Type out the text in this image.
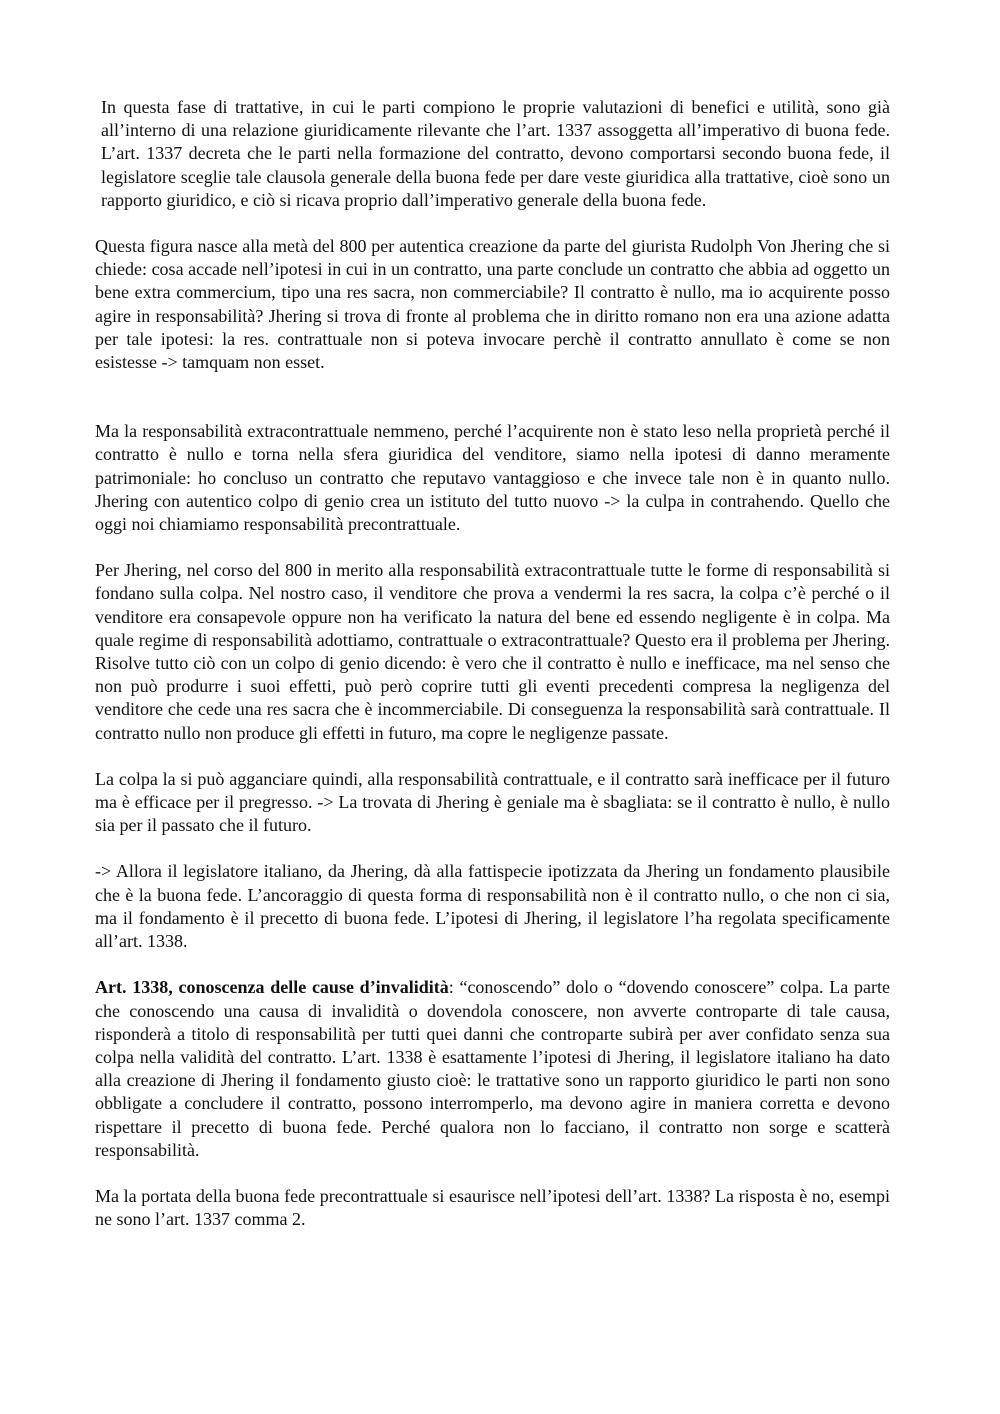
In questa fase di trattative, in cui le parti compiono le proprie valutazioni di benefici e utilità, sono già all’interno di una relazione giuridicamente rilevante che l’art. 1337 assoggetta all’imperativo di buona fede. L’art. 1337 decreta che le parti nella formazione del contratto, devono comportarsi secondo buona fede, il legislatore sceglie tale clausola generale della buona fede per dare veste giuridica alla trattative, cioè sono un rapporto giuridico, e ciò si ricava proprio dall’imperativo generale della buona fede.

Questa figura nasce alla metà del 800 per autentica creazione da parte del giurista Rudolph Von Jhering che si chiede: cosa accade nell’ipotesi in cui in un contratto, una parte conclude un contratto che abbia ad oggetto un bene extra commercium, tipo una res sacra, non commerciabile? Il contratto è nullo, ma io acquirente posso agire in responsabilità? Jhering si trova di fronte al problema che in diritto romano non era una azione adatta per tale ipotesi: la res. contrattuale non si poteva invocare perchè il contratto annullato è come se non esistesse -> tamquam non esset.

Ma la responsabilità extracontrattuale nemmeno, perché l’acquirente non è stato leso nella proprietà perché il contratto è nullo e torna nella sfera giuridica del venditore, siamo nella ipotesi di danno meramente patrimoniale: ho concluso un contratto che reputavo vantaggioso e che invece tale non è in quanto nullo. Jhering con autentico colpo di genio crea un istituto del tutto nuovo -> la culpa in contrahendo. Quello che oggi noi chiamiamo responsabilità precontrattuale.

Per Jhering, nel corso del 800 in merito alla responsabilità extracontrattuale tutte le forme di responsabilità si fondano sulla colpa. Nel nostro caso, il venditore che prova a vendermi la res sacra, la colpa c’è perché o il venditore era consapevole oppure non ha verificato la natura del bene ed essendo negligente è in colpa. Ma quale regime di responsabilità adottiamo, contrattuale o extracontrattuale? Questo era il problema per Jhering. Risolve tutto ciò con un colpo di genio dicendo: è vero che il contratto è nullo e inefficace, ma nel senso che non può produrre i suoi effetti, può però coprire tutti gli eventi precedenti compresa la negligenza del venditore che cede una res sacra che è incommerciabile. Di conseguenza la responsabilità sarà contrattuale. Il contratto nullo non produce gli effetti in futuro, ma copre le negligenze passate.

La colpa la si può agganciare quindi, alla responsabilità contrattuale, e il contratto sarà inefficace per il futuro ma è efficace per il pregresso. -> La trovata di Jhering è geniale ma è sbagliata: se il contratto è nullo, è nullo sia per il passato che il futuro.

-> Allora il legislatore italiano, da Jhering, dà alla fattispecie ipotizzata da Jhering un fondamento plausibile che è la buona fede. L’ancoraggio di questa forma di responsabilità non è il contratto nullo, o che non ci sia, ma il fondamento è il precetto di buona fede. L’ipotesi di Jhering, il legislatore l’ha regolata specificamente all’art. 1338.

Art. 1338, conoscenza delle cause d’invalidità: “conoscendo” dolo o “dovendo conoscere” colpa. La parte che conoscendo una causa di invalidità o dovendola conoscere, non avverte controparte di tale causa, risponderà a titolo di responsabilità per tutti quei danni che controparte subirà per aver confidato senza sua colpa nella validità del contratto. L’art. 1338 è esattamente l’ipotesi di Jhering, il legislatore italiano ha dato alla creazione di Jhering il fondamento giusto cioè: le trattative sono un rapporto giuridico le parti non sono obbligate a concludere il contratto, possono interromperlo, ma devono agire in maniera corretta e devono rispettare il precetto di buona fede. Perché qualora non lo facciano, il contratto non sorge e scatterà responsabilità.

Ma la portata della buona fede precontrattuale si esaurisce nell’ipotesi dell’art. 1338? La risposta è no, esempi ne sono l’art. 1337 comma 2.
